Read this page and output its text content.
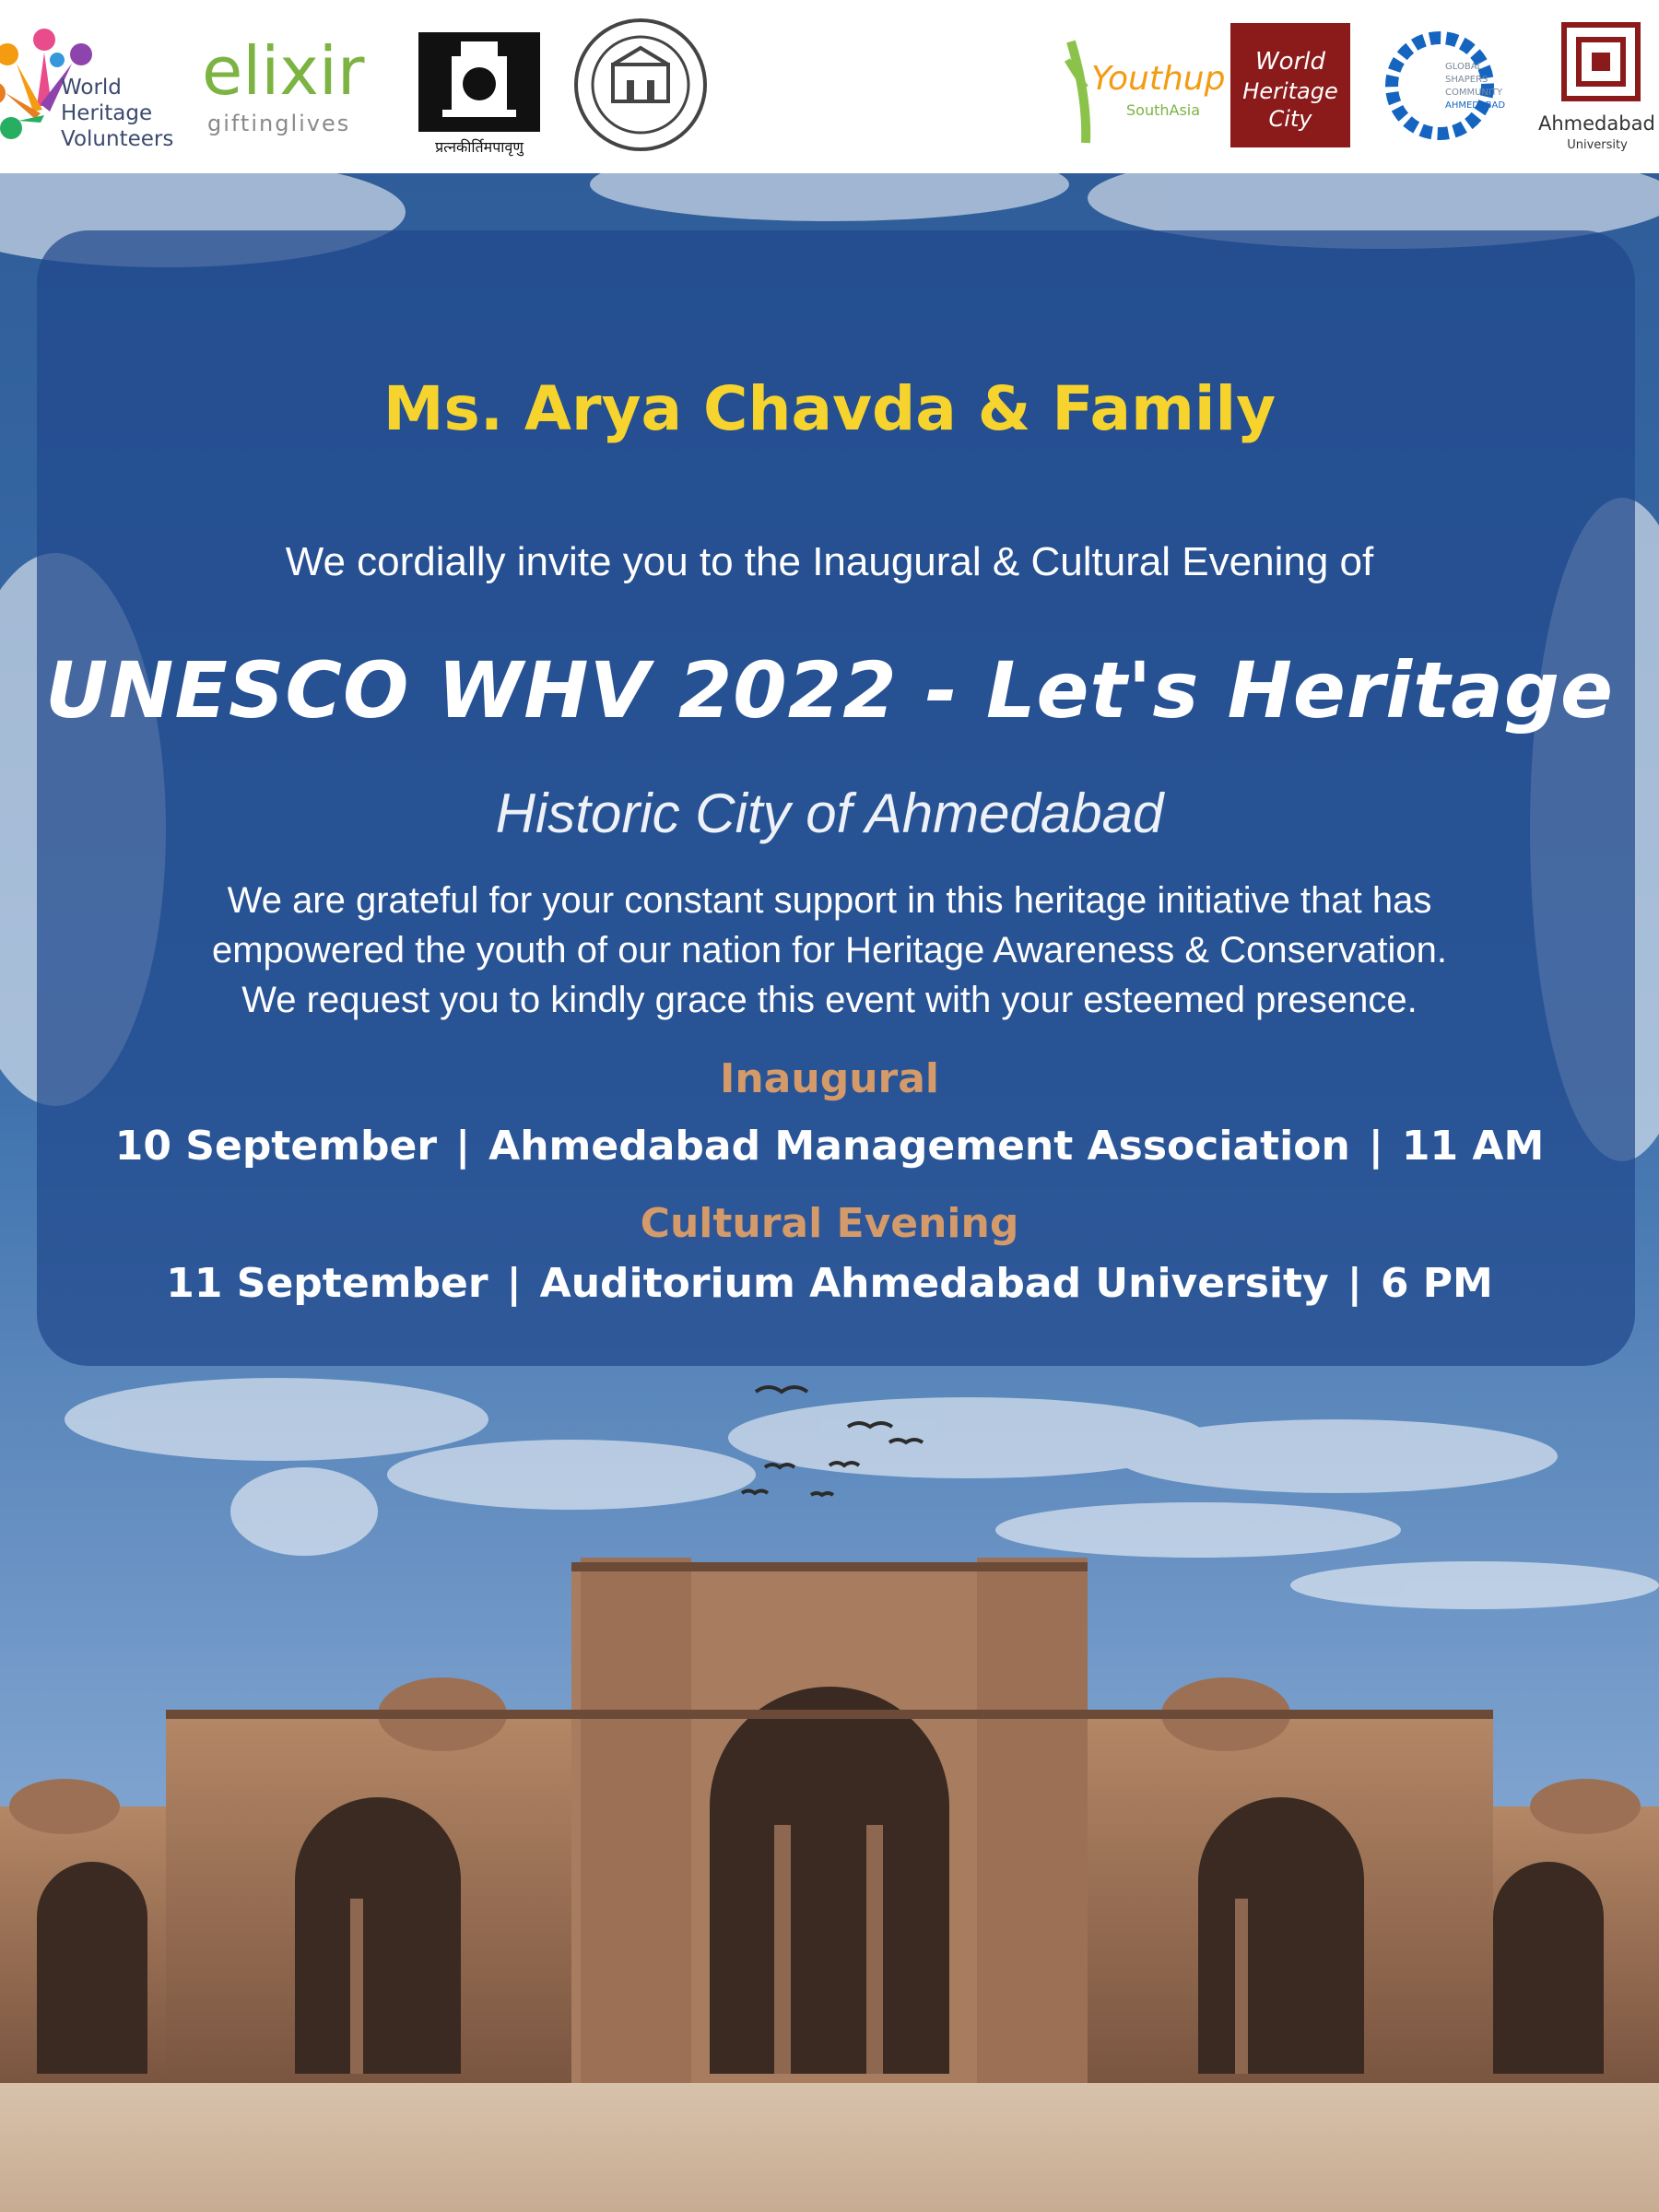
World
Heritage
Volunteers
elixir
giftinglives
प्रत्नकीर्तिमपावृणु
Youthup
SouthAsia
World
Heritage
City
GLOBAL
SHAPERS
COMMUNITY
AHMEDABAD
Ahmedabad
University

Ms. Arya Chavda & Family

We cordially invite you to the Inaugural & Cultural Evening of

UNESCO WHV 2022 - Let's Heritage

Historic City of Ahmedabad

We are grateful for your constant support in this heritage initiative that has
empowered the youth of our nation for Heritage Awareness & Conservation.
We request you to kindly grace this event with your esteemed presence.

Inaugural

10 September | Ahmedabad Management Association | 11 AM

Cultural Evening

11 September | Auditorium Ahmedabad University | 6 PM
